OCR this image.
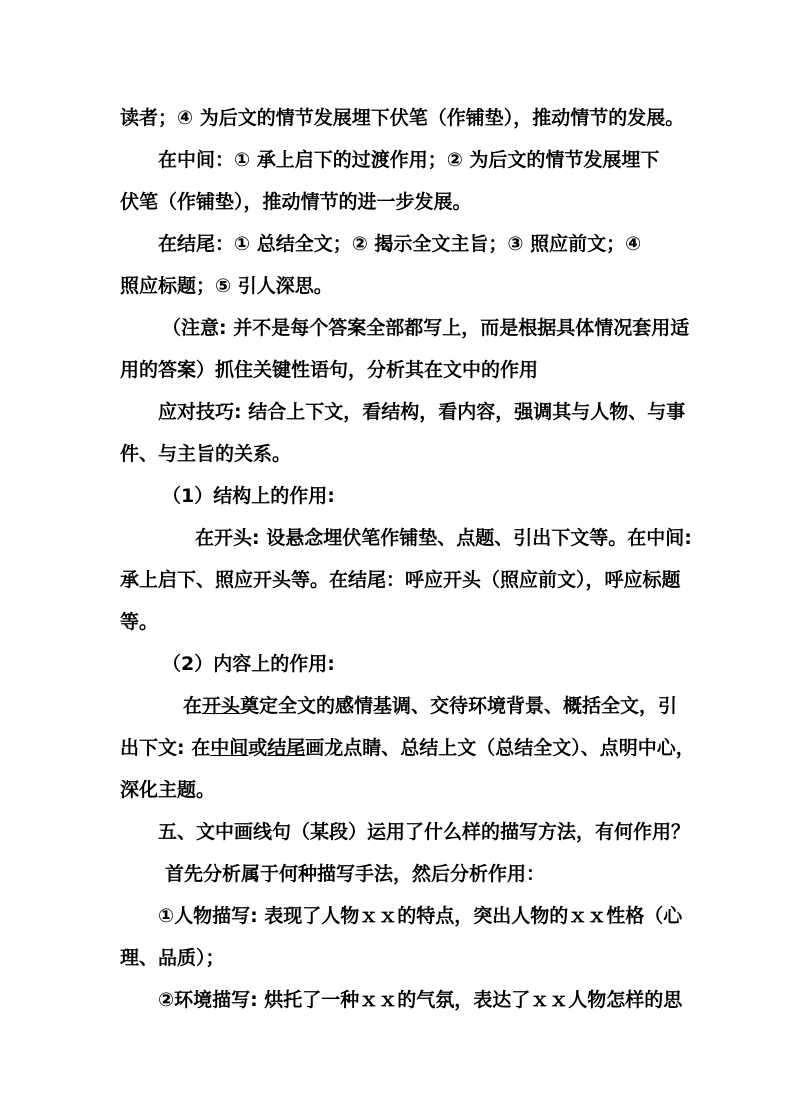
读者；④ 为后文的情节发展埋下伏笔（作铺垫），推动情节的发展。
在中间：① 承上启下的过渡作用；② 为后文的情节发展埋下
伏笔（作铺垫），推动情节的进一步发展。
在结尾：① 总结全文；② 揭示全文主旨；③ 照应前文；④
照应标题；⑤ 引人深思。
（注意: 并不是每个答案全部都写上，而是根据具体情况套用适
用的答案）抓住关键性语句，分析其在文中的作用
应对技巧: 结合上下文，看结构，看内容，强调其与人物、与事
件、与主旨的关系。
（1）结构上的作用:
在开头: 设悬念埋伏笔作铺垫、点题、引出下文等。在中间:
承上启下、照应开头等。在结尾：呼应开头（照应前文），呼应标题
等。
（2）内容上的作用:
在开头奠定全文的感情基调、交待环境背景、概括全文，引
出下文: 在中间或结尾画龙点睛、总结上文（总结全文）、点明中心，
深化主题。
五、文中画线句（某段）运用了什么样的描写方法，有何作用？
首先分析属于何种描写手法，然后分析作用：
①人物描写: 表现了人物ｘｘ的特点，突出人物的ｘｘ性格（心
理、品质）；
②环境描写: 烘托了一种ｘｘ的气氛，表达了ｘｘ人物怎样的思
